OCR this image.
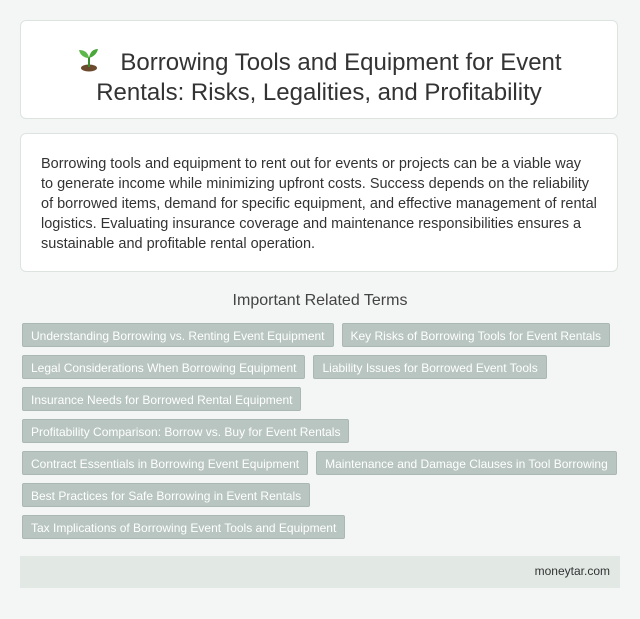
Borrowing Tools and Equipment for Event
Rentals: Risks, Legalities, and Profitability

Borrowing tools and equipment to rent out for events or projects can be a viable way to generate income while minimizing upfront costs. Success depends on the reliability of borrowed items, demand for specific equipment, and effective management of rental logistics. Evaluating insurance coverage and maintenance responsibilities ensures a sustainable and profitable rental operation.

Important Related Terms
Understanding Borrowing vs. Renting Event Equipment	Key Risks of Borrowing Tools for Event Rentals
Legal Considerations When Borrowing Equipment	Liability Issues for Borrowed Event Tools
Insurance Needs for Borrowed Rental Equipment
Profitability Comparison: Borrow vs. Buy for Event Rentals
Contract Essentials in Borrowing Event Equipment	Maintenance and Damage Clauses in Tool Borrowing
Best Practices for Safe Borrowing in Event Rentals
Tax Implications of Borrowing Event Tools and Equipment
moneytar.com
